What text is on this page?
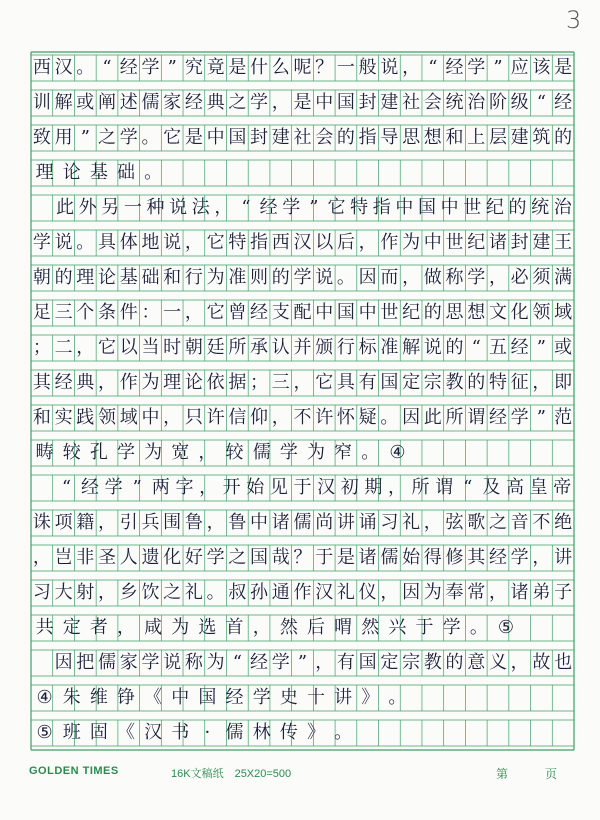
3
西 汉 。 “ 经 学 ” 究 竟 是 什 么 呢 ？ 一 般 说 ， “ 经 学 ” 应 该 是
训 解 或 阐 述 儒 家 经 典 之 学 ， 是 中 国 封 建 社 会 统 治 阶 级 “ 经
致 用 ” 之 学 。 它 是 中 国 封 建 社 会 的 指 导 思 想 和 上 层 建 筑 的
理 论 基 础 。

此 外 另 一 种 说 法 ， “ 经 学 ” 它 特 指 中 国 中 世 纪 的 统 治
学 说 。 具 体 地 说 ， 它 特 指 西 汉 以 后 ， 作 为 中 世 纪 诸 封 建 王
朝 的 理 论 基 础 和 行 为 准 则 的 学 说 。 因 而 ， 做 称 学 ， 必 须 满
足 三 个 条 件 ： 一 ， 它 曾 经 支 配 中 国 中 世 纪 的 思 想 文 化 领 域
； 二 ， 它 以 当 时 朝 廷 所 承 认 并 颁 行 标 准 解 说 的 “ 五 经 ” 或
其 经 典 ， 作 为 理 论 依 据 ； 三 ， 它 具 有 国 定 宗 教 的 特 征 ， 即
和 实 践 领 域 中 ， 只 许 信 仰 ， 不 许 怀 疑 。 因 此 所 谓 经 学 ” 范
畴 较 孔 学 为 宽 ， 较 儒 学 为 窄 。 ④

“ 经 学 ” 两 字 ， 开 始 见 于 汉 初 期 ， 所 谓 “ 及 高 皇 帝
诛 项 籍 ， 引 兵 围 鲁 ， 鲁 中 诸 儒 尚 讲 诵 习 礼 ， 弦 歌 之 音 不 绝
， 岂 非 圣 人 遗 化 好 学 之 国 哉 ？ 于 是 诸 儒 始 得 修 其 经 学 ， 讲
习 大 射 ， 乡 饮 之 礼 。 叔 孙 通 作 汉 礼 仪 ， 因 为 奉 常 ， 诸 弟 子
共 定 者 ， 咸 为 选 首 ， 然 后 喟 然 兴 于 学 。 ⑤

因 把 儒 家 学 说 称 为 “ 经 学 ” ， 有 国 定 宗 教 的 意 义 ， 故 也
④ 朱 维 铮 《 中 国 经 学 史 十 讲 》 。
⑤ 班 固 《 汉 书 · 儒 林 传 》 。
GOLDEN TIMES	16K文稿纸　25X20=500	第	页
